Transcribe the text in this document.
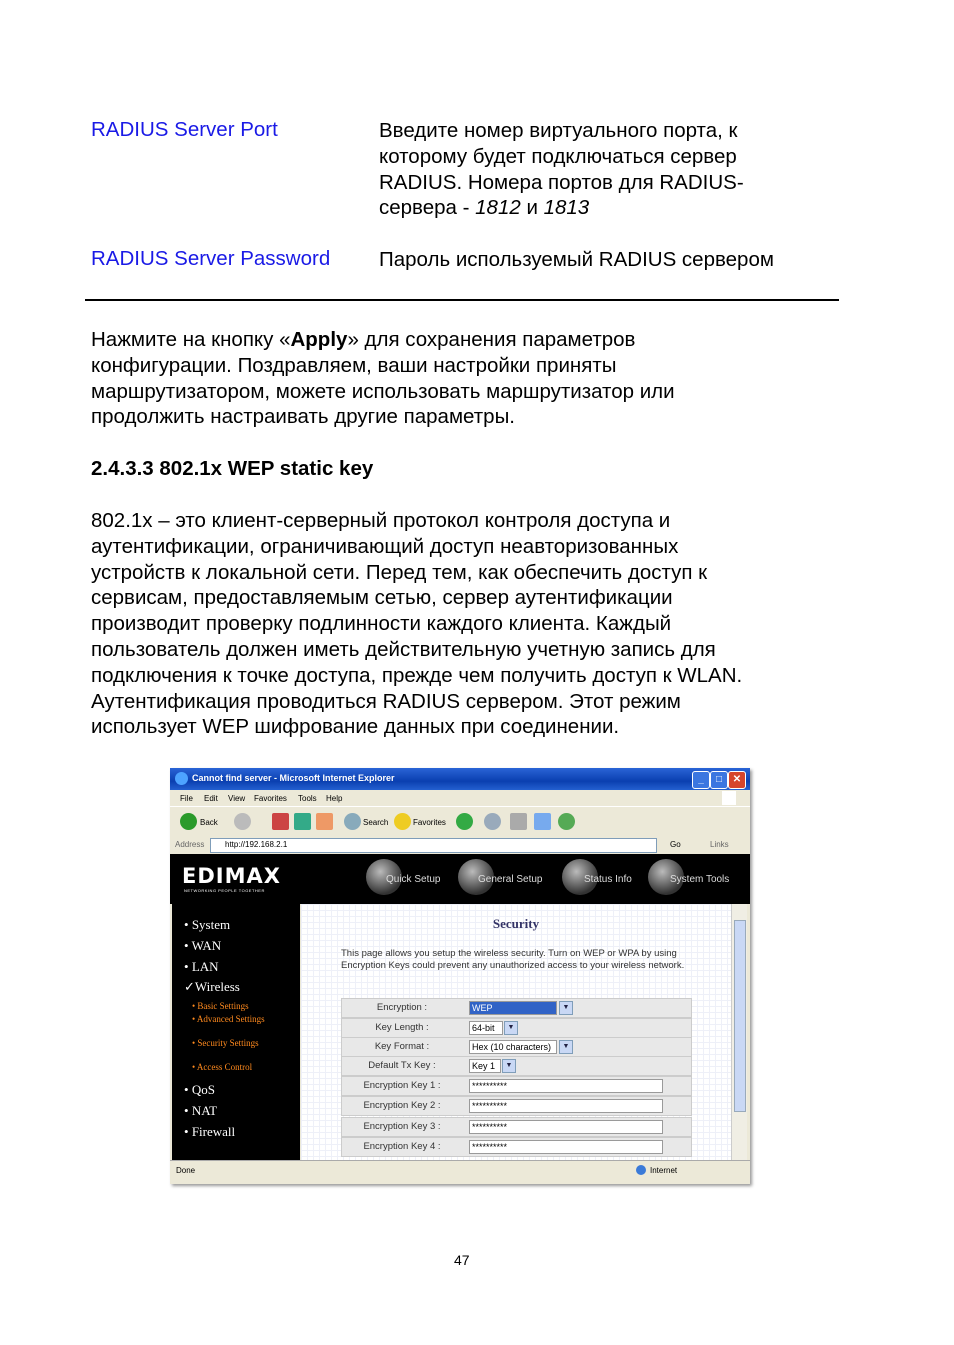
RADIUS Server Port	Введите номер виртуального порта, к
которому будет подключаться сервер
RADIUS. Номера портов для RADIUS-
сервера - 1812 и 1813
RADIUS Server Password Пароль используемый RADIUS сервером
Нажмите на кнопку «Apply» для сохранения параметров
конфигурации. Поздравляем, ваши настройки приняты
маршрутизатором, можете использовать маршрутизатор или
продолжить настраивать другие параметры.
2.4.3.3 802.1x WEP static key
802.1x – это клиент-серверный протокол контроля доступа и
аутентификации, ограничивающий доступ неавторизованных
устройств к локальной сети. Перед тем, как обеспечить доступ к
сервисам, предоставляемым сетью, сервер аутентификации
производит проверку подлинности каждого клиента. Каждый
пользователь должен иметь действительную учетную запись для
подключения к точке доступа, прежде чем получить доступ к WLAN.
Аутентификация проводиться RADIUS сервером. Этот режим
использует WEP шифрование данных при соединении.
Cannot find server - Microsoft Internet Explorer	_	□	✕
File Edit View Favorites Tools Help
Back	Search	Favorites
Address	http://192.168.2.1	Go	Links
EDIMAX
NETWORKING PEOPLE TOGETHER
Quick Setup	General Setup	Status Info	System Tools
• System
• WAN
• LAN
✓Wireless
• Basic Settings
• Advanced Settings
• Security Settings
• Access Control
• QoS
• NAT
• Firewall
Security
This page allows you setup the wireless security. Turn on WEP or WPA by using Encryption Keys could prevent any unauthorized access to your wireless network.
Encryption :	WEP	▼
Key Length :	64-bit	▼
Key Format :	Hex (10 characters)	▼
Default Tx Key :	Key 1	▼
Encryption Key 1 :	**********
Encryption Key 2 :	**********
Encryption Key 3 :	**********
Encryption Key 4 :	**********
Done	Internet
47
